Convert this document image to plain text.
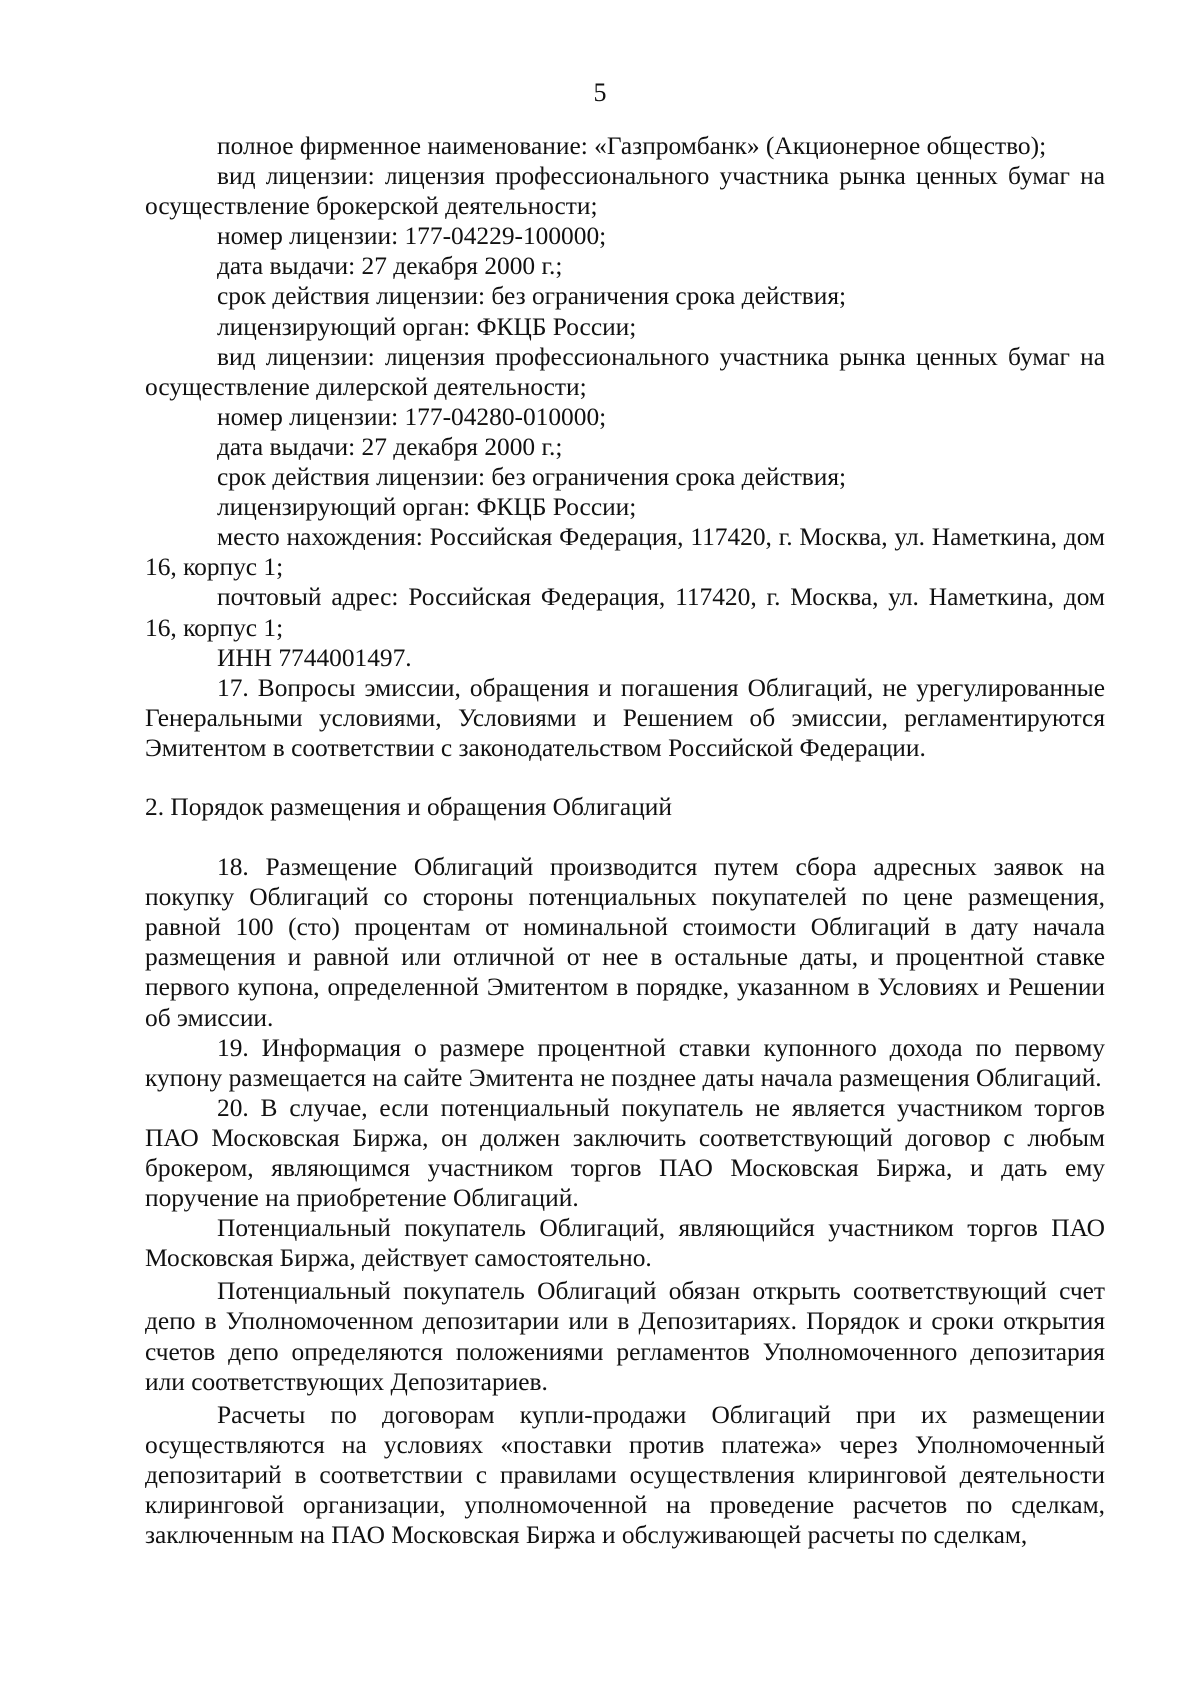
5

полное фирменное наименование: «Газпромбанк» (Акционерное общество);

вид лицензии: лицензия профессионального участника рынка ценных бумаг на осуществление брокерской деятельности;

номер лицензии: 177-04229-100000;

дата выдачи: 27 декабря 2000 г.;

срок действия лицензии: без ограничения срока действия;

лицензирующий орган: ФКЦБ России;

вид лицензии: лицензия профессионального участника рынка ценных бумаг на осуществление дилерской деятельности;

номер лицензии: 177-04280-010000;

дата выдачи: 27 декабря 2000 г.;

срок действия лицензии: без ограничения срока действия;

лицензирующий орган: ФКЦБ России;

место нахождения: Российская Федерация, 117420, г. Москва, ул. Наметкина, дом 16, корпус 1;

почтовый адрес: Российская Федерация, 117420, г. Москва, ул. Наметкина, дом 16, корпус 1;

ИНН 7744001497.

17. Вопросы эмиссии, обращения и погашения Облигаций, не урегулированные Генеральными условиями, Условиями и Решением об эмиссии, регламентируются Эмитентом в соответствии с законодательством Российской Федерации.

2. Порядок размещения и обращения Облигаций

18. Размещение Облигаций производится путем сбора адресных заявок на покупку Облигаций со стороны потенциальных покупателей по цене размещения, равной 100 (сто) процентам от номинальной стоимости Облигаций в дату начала размещения и равной или отличной от нее в остальные даты, и процентной ставке первого купона, определенной Эмитентом в порядке, указанном в Условиях и Решении об эмиссии.

19. Информация о размере процентной ставки купонного дохода по первому купону размещается на сайте Эмитента не позднее даты начала размещения Облигаций.

20. В случае, если потенциальный покупатель не является участником торгов ПАО Московская Биржа, он должен заключить соответствующий договор с любым брокером, являющимся участником торгов ПАО Московская Биржа, и дать ему поручение на приобретение Облигаций.

Потенциальный покупатель Облигаций, являющийся участником торгов ПАО Московская Биржа, действует самостоятельно.

Потенциальный покупатель Облигаций обязан открыть соответствующий счет депо в Уполномоченном депозитарии или в Депозитариях. Порядок и сроки открытия счетов депо определяются положениями регламентов Уполномоченного депозитария или соответствующих Депозитариев.

Расчеты по договорам купли-продажи Облигаций при их размещении осуществляются на условиях «поставки против платежа» через Уполномоченный депозитарий в соответствии с правилами осуществления клиринговой деятельности клиринговой организации, уполномоченной на проведение расчетов по сделкам, заключенным на ПАО Московская Биржа и обслуживающей расчеты по сделкам,
